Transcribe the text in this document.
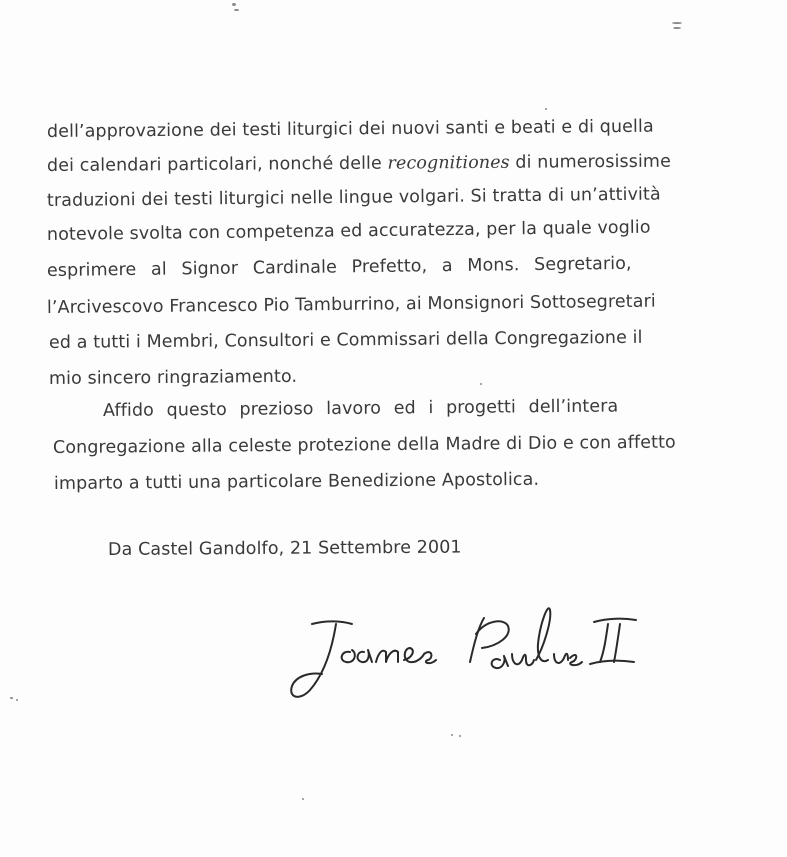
dell’approvazione dei testi liturgici dei nuovi santi e beati e di quella
dei calendari particolari, nonché delle recognitiones di numerosissime
traduzioni dei testi liturgici nelle lingue volgari. Si tratta di un’attività
notevole svolta con competenza ed accuratezza, per la quale voglio
esprimere al Signor Cardinale Prefetto, a Mons. Segretario,
l’Arcivescovo Francesco Pio Tamburrino, ai Monsignori Sottosegretari
ed a tutti i Membri, Consultori e Commissari della Congregazione il
mio sincero ringraziamento.
Affido questo prezioso lavoro ed i progetti dell’intera
Congregazione alla celeste protezione della Madre di Dio e con affetto
imparto a tutti una particolare Benedizione Apostolica.
Da Castel Gandolfo, 21 Settembre 2001
